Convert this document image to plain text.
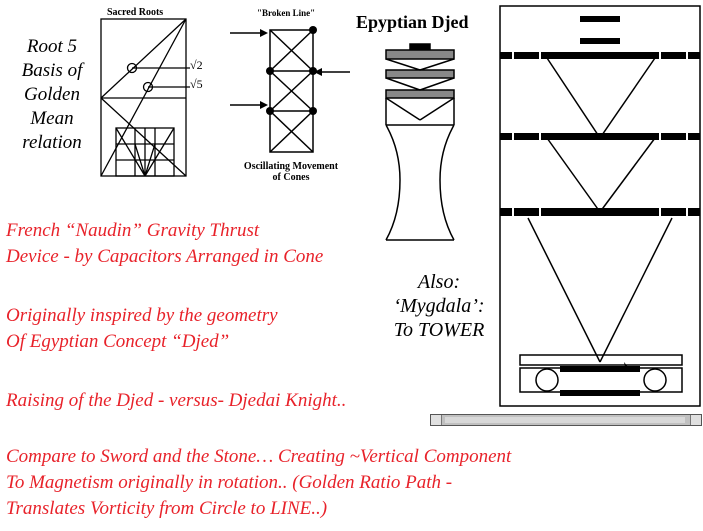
Sacred Roots
√2
√5
Root 5
Basis of
Golden
Mean
relation
"Broken Line"
Oscillating Movement
of Cones
Epyptian Djed
Also:
‘Mygdala’:
To TOWER
French “Naudin” Gravity Thrust
Device - by Capacitors Arranged in Cone
Originally inspired by the geometry
Of Egyptian Concept “Djed”
Raising of the Djed - versus- Djedai Knight..
Compare to Sword and the Stone… Creating ~Vertical Component
To Magnetism originally in rotation.. (Golden Ratio Path -
Translates Vorticity from Circle to LINE..)
